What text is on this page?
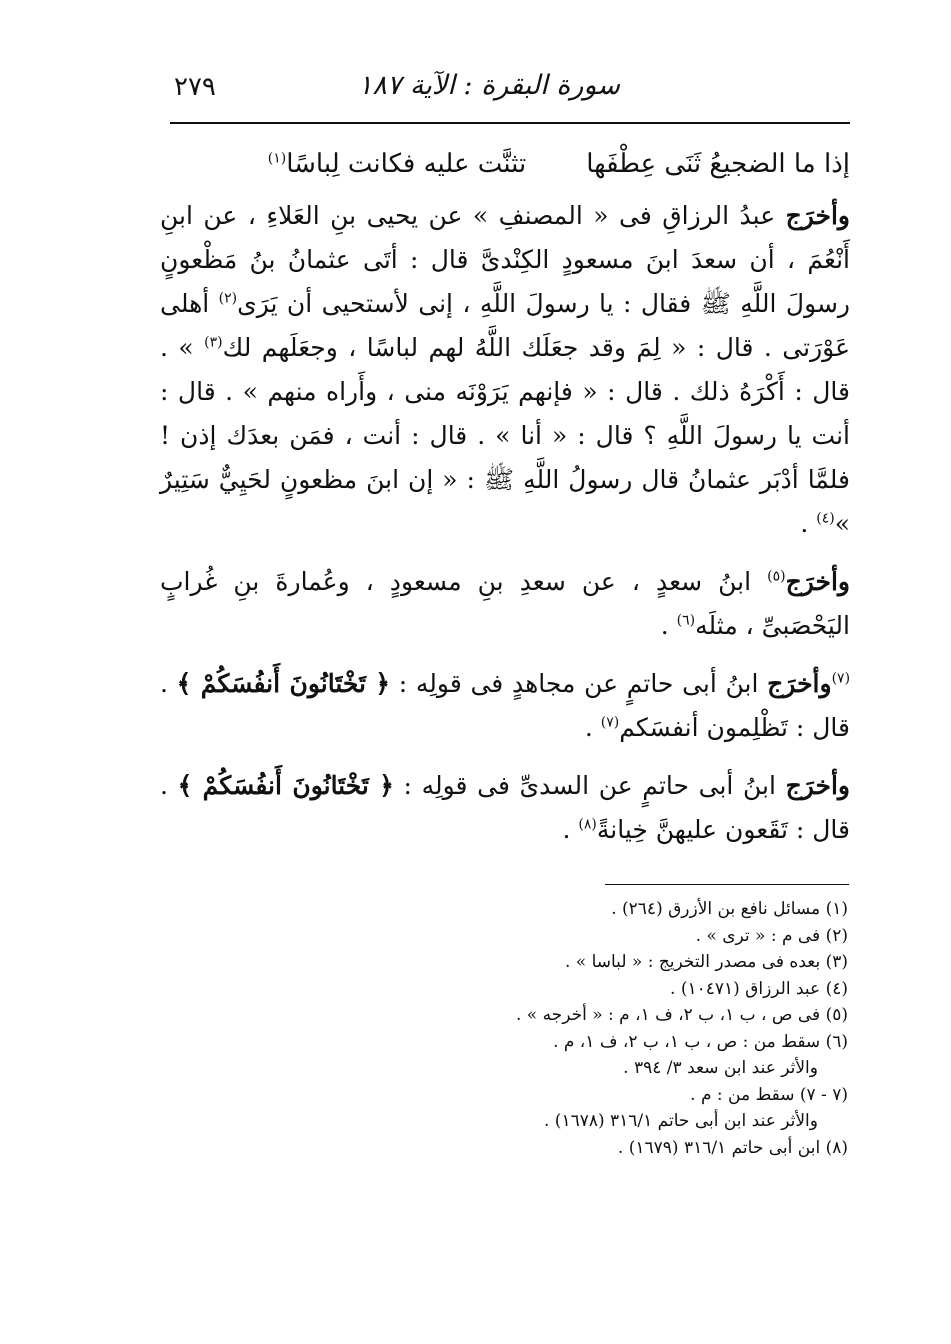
٢٧٩	سورة البقرة : الآية ١٨٧
إذا ما الضجيعُ ثَنَى عِطْفَها
تثنَّت عليه فكانت لِباسًا$^{(١)}$

وأخرَج عبدُ الرزاقِ فى « المصنفِ » عن يحيى بنِ العَلاءِ ، عن ابنِ أَنْعُمَ ، أن سعدَ ابنَ مسعودٍ الكِنْدىَّ قال : أتَى عثمانُ بنُ مَظْعونٍ رسولَ اللَّهِ ﷺ فقال : يا رسولَ اللَّهِ ، إنى لأستحيى أن يَرَى$^{(٢)}$ أهلى عَوْرَتى . قال : « لِمَ وقد جعَلَك اللَّهُ لهم لباسًا ، وجعَلَهم لك$^{(٣)}$ » . قال : أَكْرَهُ ذلك . قال : « فإنهم يَرَوْنَه منى ، وأَراه منهم » . قال : أنت يا رسولَ اللَّهِ ؟ قال : « أنا » . قال : أنت ، فمَن بعدَك إذن ! فلمَّا أدْبَر عثمانُ قال رسولُ اللَّهِ ﷺ : « إن ابنَ مظعونٍ لحَيِيٌّ سَتِيرٌ »$^{(٤)}$ .

وأخرَج$^{(٥)}$ ابنُ سعدٍ ، عن سعدِ بنِ مسعودٍ ، وعُمارةَ بنِ غُرابٍ اليَحْصَبىِّ ، مثلَه$^{(٦)}$ .

$^{(٧)}$وأخرَج ابنُ أبى حاتمٍ عن مجاهدٍ فى قولِه : ﴿ تَخْتَانُونَ أَنفُسَكُمْ ﴾ . قال : تَظْلِمون أنفسَكم$^{(٧)}$ .

وأخرَج ابنُ أبى حاتمٍ عن السدىِّ فى قولِه : ﴿ تَخْتَانُونَ أَنفُسَكُمْ ﴾ . قال : تَقَعون عليهنَّ خِيانةً$^{(٨)}$ .

(١) مسائل نافع بن الأزرق (٢٦٤) .

(٢) فى م : « ترى » .

(٣) بعده فى مصدر التخريج : « لباسا » .

(٤) عبد الرزاق (١٠٤٧١) .

(٥) فى ص ، ب ١، ب ٢، ف ١، م : « أخرجه » .

(٦) سقط من : ص ، ب ١، ب ٢، ف ١، م .

والأثر عند ابن سعد ٣/ ٣٩٤ .

(٧ - ٧) سقط من : م .

والأثر عند ابن أبى حاتم ٣١٦/١ (١٦٧٨) .

(٨) ابن أبى حاتم ٣١٦/١ (١٦٧٩) .
